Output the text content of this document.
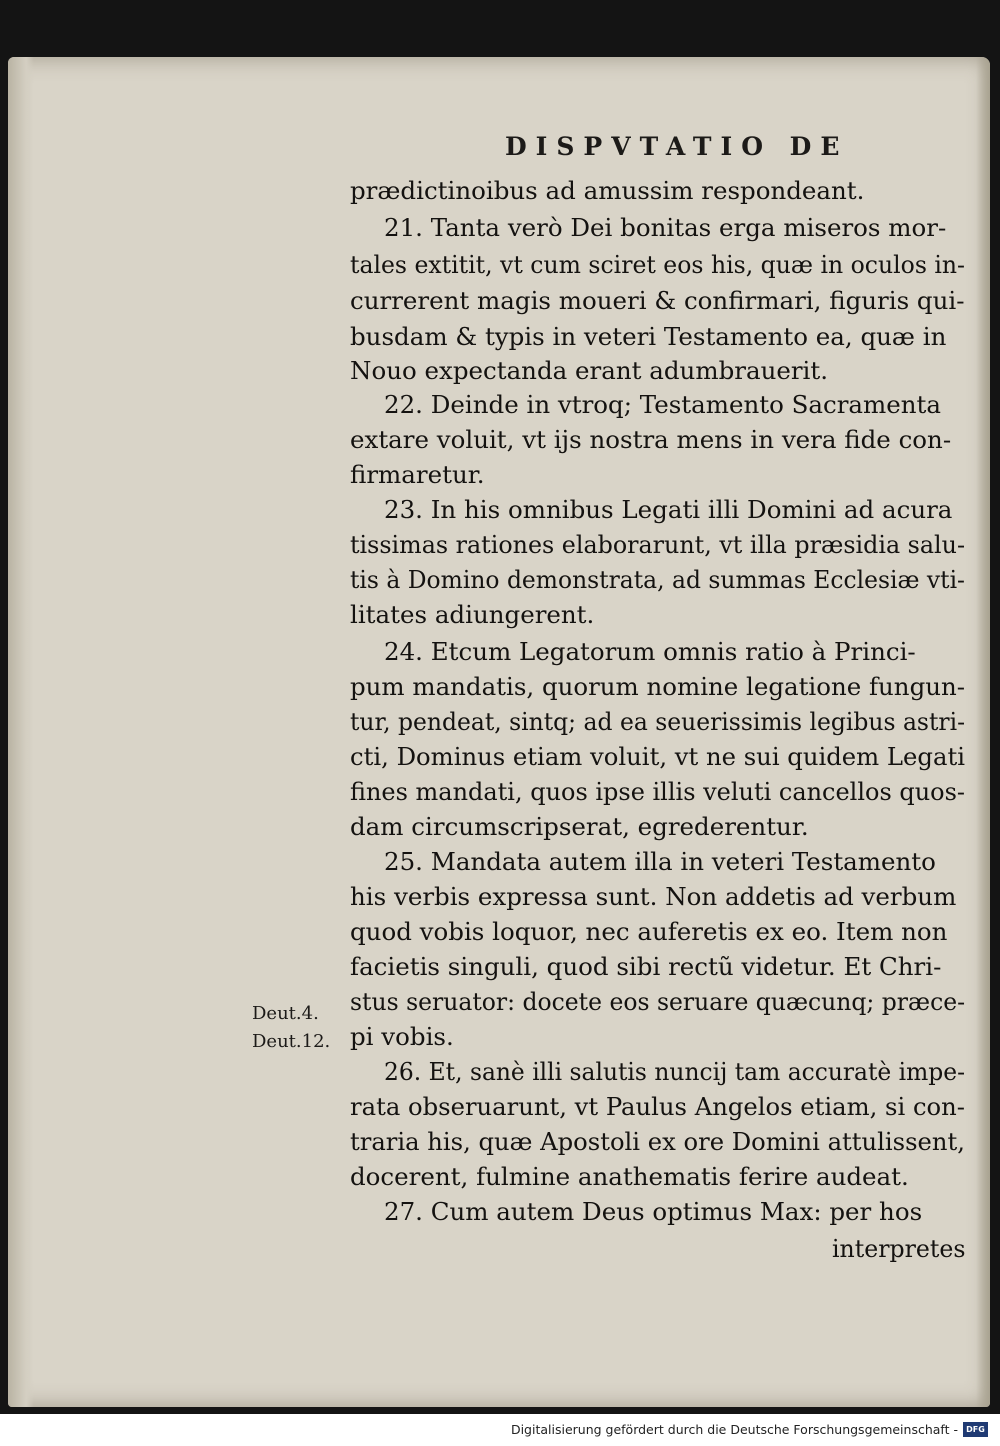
DISPVTATIO DE
prædictinoibus ad amussim respondeant.
21. Tanta verò Dei bonitas erga miseros mor-
tales extitit, vt cum sciret eos his, quæ in oculos in-
currerent magis moueri & confirmari, figuris qui-
busdam & typis in veteri Testamento ea, quæ in
Nouo expectanda erant adumbrauerit.
22. Deinde in vtroq; Testamento Sacramenta
extare voluit, vt ijs nostra mens in vera fide con-
firmaretur.
23. In his omnibus Legati illi Domini ad acura
tissimas rationes elaborarunt, vt illa præsidia salu-
tis à Domino demonstrata, ad summas Ecclesiæ vti-
litates adiungerent.
24. Etcum Legatorum omnis ratio à Princi-
pum mandatis, quorum nomine legatione fungun-
tur, pendeat, sintq; ad ea seuerissimis legibus astri-
cti, Dominus etiam voluit, vt ne sui quidem Legati
fines mandati, quos ipse illis veluti cancellos quos-
dam circumscripserat, egrederentur.
25. Mandata autem illa in veteri Testamento
his verbis expressa sunt. Non addetis ad verbum
quod vobis loquor, nec auferetis ex eo. Item non
facietis singuli, quod sibi rectũ videtur. Et Chri-
stus seruator: docete eos seruare quæcunq; præce-
pi vobis.
26. Et, sanè illi salutis nuncij tam accuratè impe-
rata obseruarunt, vt Paulus Angelos etiam, si con-
traria his, quæ Apostoli ex ore Domini attulissent,
docerent, fulmine anathematis ferire audeat.
27. Cum autem Deus optimus Max: per hos
interpretes
Deut.4.
Deut.12.
Digitalisierung gefördert durch die Deutsche Forschungsgemeinschaft -	DFG
